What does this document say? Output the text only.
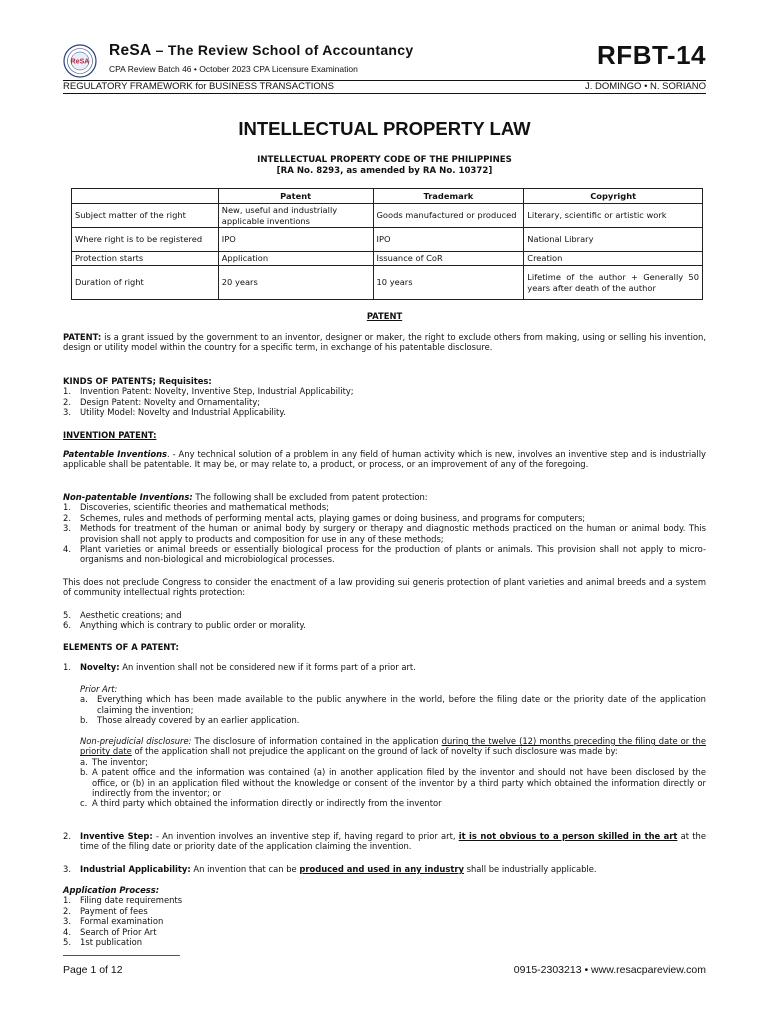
ReSA
ReSA – The Review School of Accountancy
CPA Review Batch 46 • October 2023 CPA Licensure Examination	RFBT-14
REGULATORY FRAMEWORK for BUSINESS TRANSACTIONS	J. DOMINGO • N. SORIANO
INTELLECTUAL PROPERTY LAW
INTELLECTUAL PROPERTY CODE OF THE PHILIPPINES
[RA No. 8293, as amended by RA No. 10372]
	Patent	Trademark	Copyright
Subject matter of the right	New, useful and industrially applicable inventions	Goods manufactured or produced	Literary, scientific or artistic work
Where right is to be registered	IPO	IPO	National Library
Protection starts	Application	Issuance of CoR	Creation
Duration of right	20 years	10 years	Lifetime of the author + Generally 50 years after death of the author
PATENT

PATENT: is a grant issued by the government to an inventor, designer or maker, the right to exclude others from making, using or selling his invention, design or utility model within the country for a specific term, in exchange of his patentable disclosure.

KINDS OF PATENTS; Requisites:

1.	Invention Patent: Novelty, Inventive Step, Industrial Applicability;
2.	Design Patent: Novelty and Ornamentality;
3.	Utility Model: Novelty and Industrial Applicability.
INVENTION PATENT:

Patentable Inventions. - Any technical solution of a problem in any field of human activity which is new, involves an inventive step and is industrially applicable shall be patentable. It may be, or may relate to, a product, or process, or an improvement of any of the foregoing.

Non-patentable Inventions: The following shall be excluded from patent protection:

1.	Discoveries, scientific theories and mathematical methods;
2.	Schemes, rules and methods of performing mental acts, playing games or doing business, and programs for computers;
3.	Methods for treatment of the human or animal body by surgery or therapy and diagnostic methods practiced on the human or animal body. This provision shall not apply to products and composition for use in any of these methods;
4.	Plant varieties or animal breeds or essentially biological process for the production of plants or animals. This provision shall not apply to micro-organisms and non-biological and microbiological processes.

This does not preclude Congress to consider the enactment of a law providing sui generis protection of plant varieties and animal breeds and a system of community intellectual rights protection:

5.	Aesthetic creations; and
6.	Anything which is contrary to public order or morality.
ELEMENTS OF A PATENT:
1.	Novelty: An invention shall not be considered new if it forms part of a prior art.

Prior Art:

a.	Everything which has been made available to the public anywhere in the world, before the filing date or the priority date of the application claiming the invention;
b.	Those already covered by an earlier application.

Non-prejudicial disclosure: The disclosure of information contained in the application during the twelve (12) months preceding the filing date or the priority date of the application shall not prejudice the applicant on the ground of lack of novelty if such disclosure was made by:

a. The inventor;
b. A patent office and the information was contained (a) in another application filed by the inventor and should not have been disclosed by the office, or (b) in an application filed without the knowledge or consent of the inventor by a third party which obtained the information directly or indirectly from the inventor; or
c. A third party which obtained the information directly or indirectly from the inventor
2.	Inventive Step: - An invention involves an inventive step if, having regard to prior art, it is not obvious to a person skilled in the art at the time of the filing date or priority date of the application claiming the invention.
3.	Industrial Applicability: An invention that can be produced and used in any industry shall be industrially applicable.

Application Process:

1.	Filing date requirements
2.	Payment of fees
3.	Formal examination
4.	Search of Prior Art
5.	1st publication
Page 1 of 12	0915-2303213 • www.resacpareview.com
